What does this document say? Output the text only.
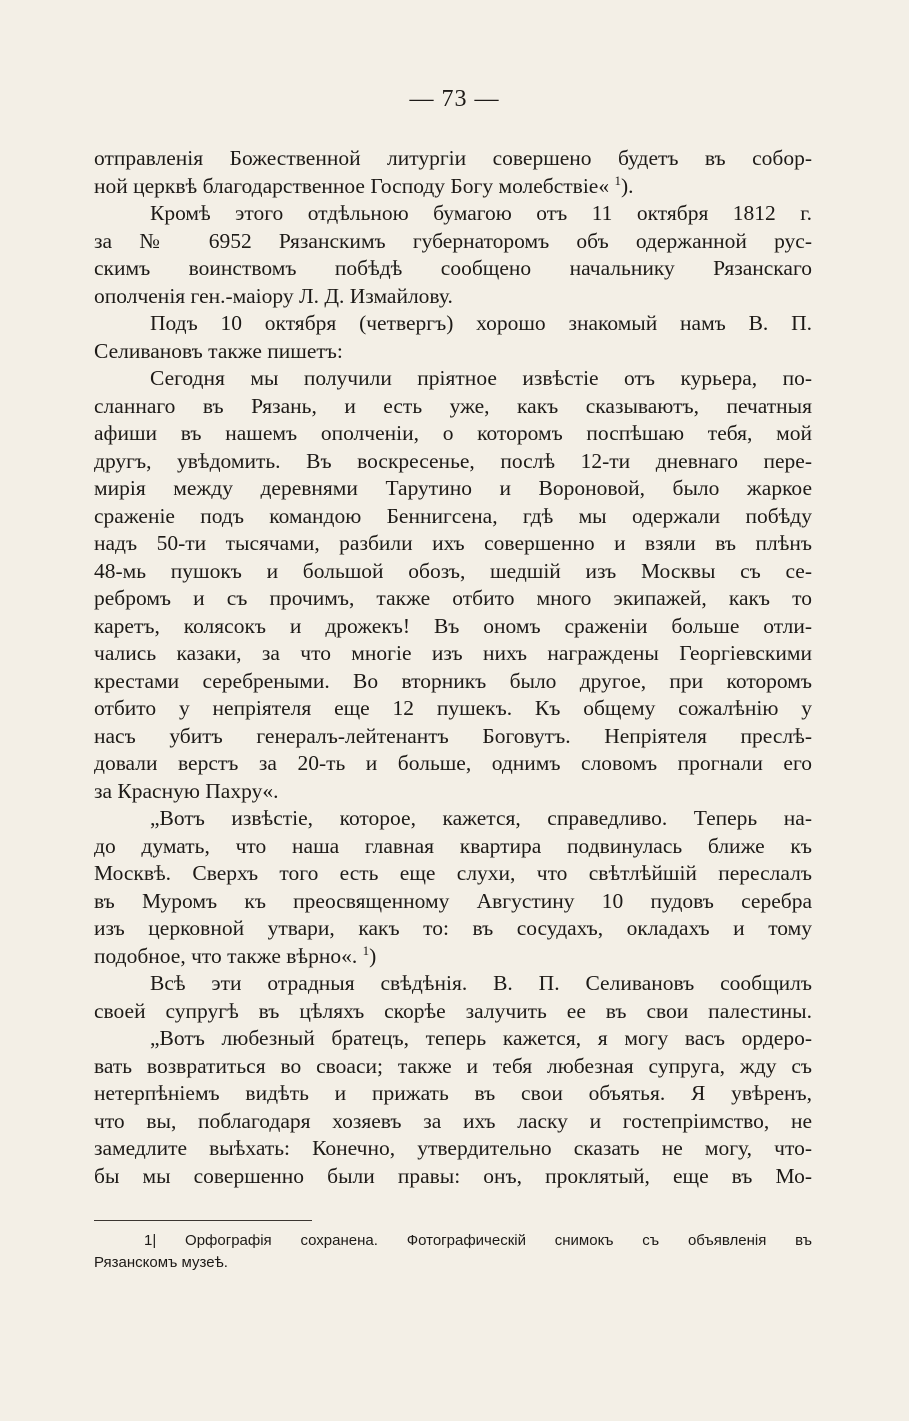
— 73 —
отправленія Божественной литургіи совершено будетъ въ собор-
ной церквѣ благодарственное Господу Богу молебствіе« $^1$).
Кромѣ этого отдѣльною бумагою отъ 11 октября 1812 г.
за № 6952 Рязанскимъ губернаторомъ объ одержанной рус-
скимъ воинствомъ побѣдѣ сообщено начальнику Рязанскаго
ополченія ген.-маіору Л. Д. Измайлову.
Подъ 10 октября (четвергъ) хорошо знакомый намъ В. П.
Селивановъ также пишетъ:
Сегодня мы получили пріятное извѣстіе отъ курьера, по-
сланнаго въ Рязань, и есть уже, какъ сказываютъ, печатныя
афиши въ нашемъ ополченіи, о которомъ поспѣшаю тебя, мой
другъ, увѣдомить. Въ воскресенье, послѣ 12-ти дневнаго пере-
мирія между деревнями Тарутино и Вороновой, было жаркое
сраженіе подъ командою Беннигсена, гдѣ мы одержали побѣду
надъ 50-ти тысячами, разбили ихъ совершенно и взяли въ плѣнъ
48-мь пушокъ и большой обозъ, шедшій изъ Москвы съ се-
ребромъ и съ прочимъ, также отбито много экипажей, какъ то
каретъ, колясокъ и дрожекъ! Въ ономъ сраженіи больше отли-
чались казаки, за что многіе изъ нихъ награждены Георгіевскими
крестами серебреными. Во вторникъ было другое, при которомъ
отбито у непріятеля еще 12 пушекъ. Къ общему сожалѣнію у
насъ убитъ генералъ-лейтенантъ Боговутъ. Непріятеля преслѣ-
довали верстъ за 20-ть и больше, однимъ словомъ прогнали его
за Красную Пахру«.
„Вотъ извѣстіе, которое, кажется, справедливо. Теперь на-
до думать, что наша главная квартира подвинулась ближе къ
Москвѣ. Сверхъ того есть еще слухи, что свѣтлѣйшій переслалъ
въ Муромъ къ преосвященному Августину 10 пудовъ серебра
изъ церковной утвари, какъ то: въ сосудахъ, окладахъ и тому
подобное, что также вѣрно«. $^1$)
Всѣ эти отрадныя свѣдѣнія. В. П. Селивановъ сообщилъ
своей супругѣ въ цѣляхъ скорѣе залучить ее въ свои палестины.
„Вотъ любезный братецъ, теперь кажется, я могу васъ ордеро-
вать возвратиться во своаси; также и тебя любезная супруга, жду съ
нетерпѣніемъ видѣть и прижать въ свои объятья. Я увѣренъ,
что вы, поблагодаря хозяевъ за ихъ ласку и гостепріимство, не
замедлите выѣхать: Конечно, утвердительно сказать не могу, что-
бы мы совершенно были правы: онъ, проклятый, еще въ Мо-
1| Орфографія сохранена. Фотографическій снимокъ съ объявленія въ
Рязанскомъ музеѣ.
